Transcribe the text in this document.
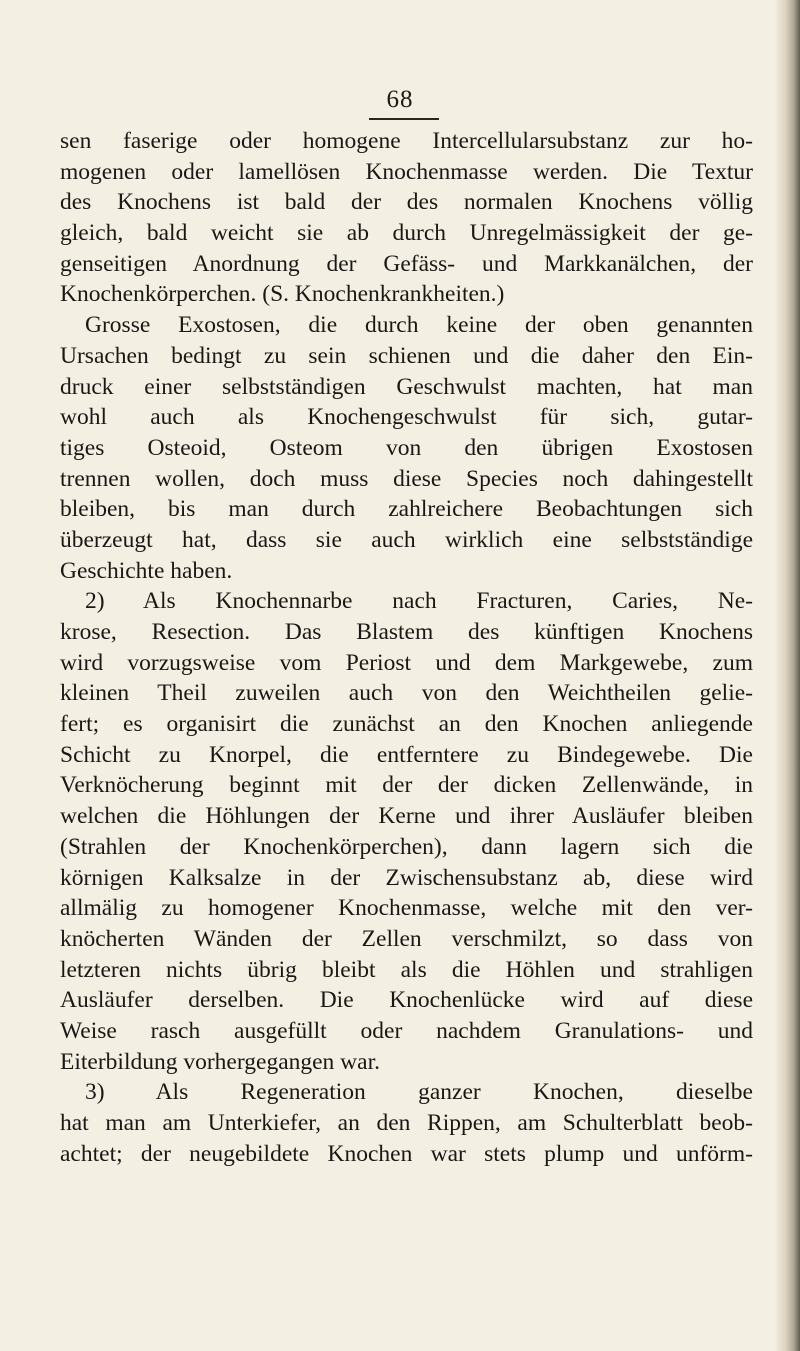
68
sen faserige oder homogene Intercellularsubstanz zur ho-
mogenen oder lamellösen Knochenmasse werden. Die Textur
des Knochens ist bald der des normalen Knochens völlig
gleich, bald weicht sie ab durch Unregelmässigkeit der ge-
genseitigen Anordnung der Gefäss- und Markkanälchen, der
Knochenkörperchen. (S. Knochenkrankheiten.)
Grosse Exostosen, die durch keine der oben genannten
Ursachen bedingt zu sein schienen und die daher den Ein-
druck einer selbstständigen Geschwulst machten, hat man
wohl auch als Knochengeschwulst für sich, gutar-
tiges Osteoid, Osteom von den übrigen Exostosen
trennen wollen, doch muss diese Species noch dahingestellt
bleiben, bis man durch zahlreichere Beobachtungen sich
überzeugt hat, dass sie auch wirklich eine selbstständige
Geschichte haben.
2) Als Knochennarbe nach Fracturen, Caries, Ne-
krose, Resection. Das Blastem des künftigen Knochens
wird vorzugsweise vom Periost und dem Markgewebe, zum
kleinen Theil zuweilen auch von den Weichtheilen gelie-
fert; es organisirt die zunächst an den Knochen anliegende
Schicht zu Knorpel, die entferntere zu Bindegewebe. Die
Verknöcherung beginnt mit der der dicken Zellenwände, in
welchen die Höhlungen der Kerne und ihrer Ausläufer bleiben
(Strahlen der Knochenkörperchen), dann lagern sich die
körnigen Kalksalze in der Zwischensubstanz ab, diese wird
allmälig zu homogener Knochenmasse, welche mit den ver-
knöcherten Wänden der Zellen verschmilzt, so dass von
letzteren nichts übrig bleibt als die Höhlen und strahligen
Ausläufer derselben. Die Knochenlücke wird auf diese
Weise rasch ausgefüllt oder nachdem Granulations- und
Eiterbildung vorhergegangen war.
3) Als Regeneration ganzer Knochen, dieselbe
hat man am Unterkiefer, an den Rippen, am Schulterblatt beob-
achtet; der neugebildete Knochen war stets plump und unförm-
